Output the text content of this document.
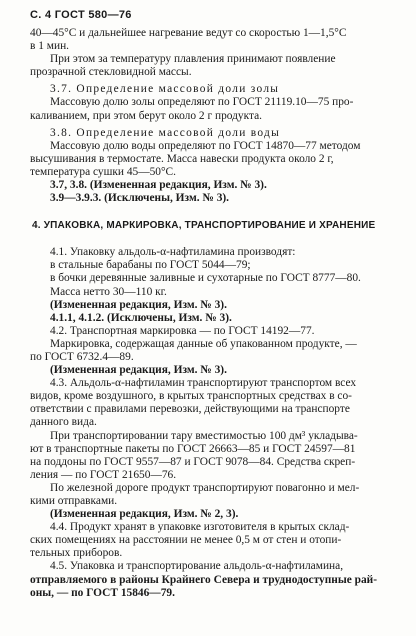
С. 4 ГОСТ 580—76

40—45°C и дальнейшее нагревание ведут со скоростью 1—1,5°C

в 1 мин.

При этом за температуру плавления принимают появление

прозрачной стекловидной массы.

3.7. Определение массовой доли золы

Массовую долю золы определяют по ГОСТ 21119.10—75 про-

каливанием, при этом берут около 2 г продукта.

3.8. Определение массовой доли воды

Массовую долю воды определяют по ГОСТ 14870—77 методом

высушивания в термостате. Масса навески продукта около 2 г,

температура сушки 45—50°C.

3.7, 3.8. (Измененная редакция, Изм. № 3).

3.9—3.9.3. (Исключены, Изм. № 3).

4. УПАКОВКА, МАРКИРОВКА, ТРАНСПОРТИРОВАНИЕ И ХРАНЕНИЕ

4.1. Упаковку альдоль-α-нафтиламина производят:

в стальные барабаны по ГОСТ 5044—79;

в бочки деревянные заливные и сухотарные по ГОСТ 8777—80.

Масса нетто 30—110 кг.

(Измененная редакция, Изм. № 3).

4.1.1, 4.1.2. (Исключены, Изм. № 3).

4.2. Транспортная маркировка — по ГОСТ 14192—77.

Маркировка, содержащая данные об упакованном продукте, —

по ГОСТ 6732.4—89.

(Измененная редакция, Изм. № 3).

4.3. Альдоль-α-нафтиламин транспортируют транспортом всех

видов, кроме воздушного, в крытых транспортных средствах в со-

ответствии с правилами перевозки, действующими на транспорте

данного вида.

При транспортировании тару вместимостью 100 дм³ укладыва-

ют в транспортные пакеты по ГОСТ 26663—85 и ГОСТ 24597—81

на поддоны по ГОСТ 9557—87 и ГОСТ 9078—84. Средства скреп-

ления — по ГОСТ 21650—76.

По железной дороге продукт транспортируют повагонно и мел-

кими отправками.

(Измененная редакция, Изм. № 2, 3).

4.4. Продукт хранят в упаковке изготовителя в крытых склад-

ских помещениях на расстоянии не менее 0,5 м от стен и отопи-

тельных приборов.

4.5. Упаковка и транспортирование альдоль-α-нафтиламина,

отправляемого в районы Крайнего Севера и труднодоступные рай-

оны, — по ГОСТ 15846—79.
